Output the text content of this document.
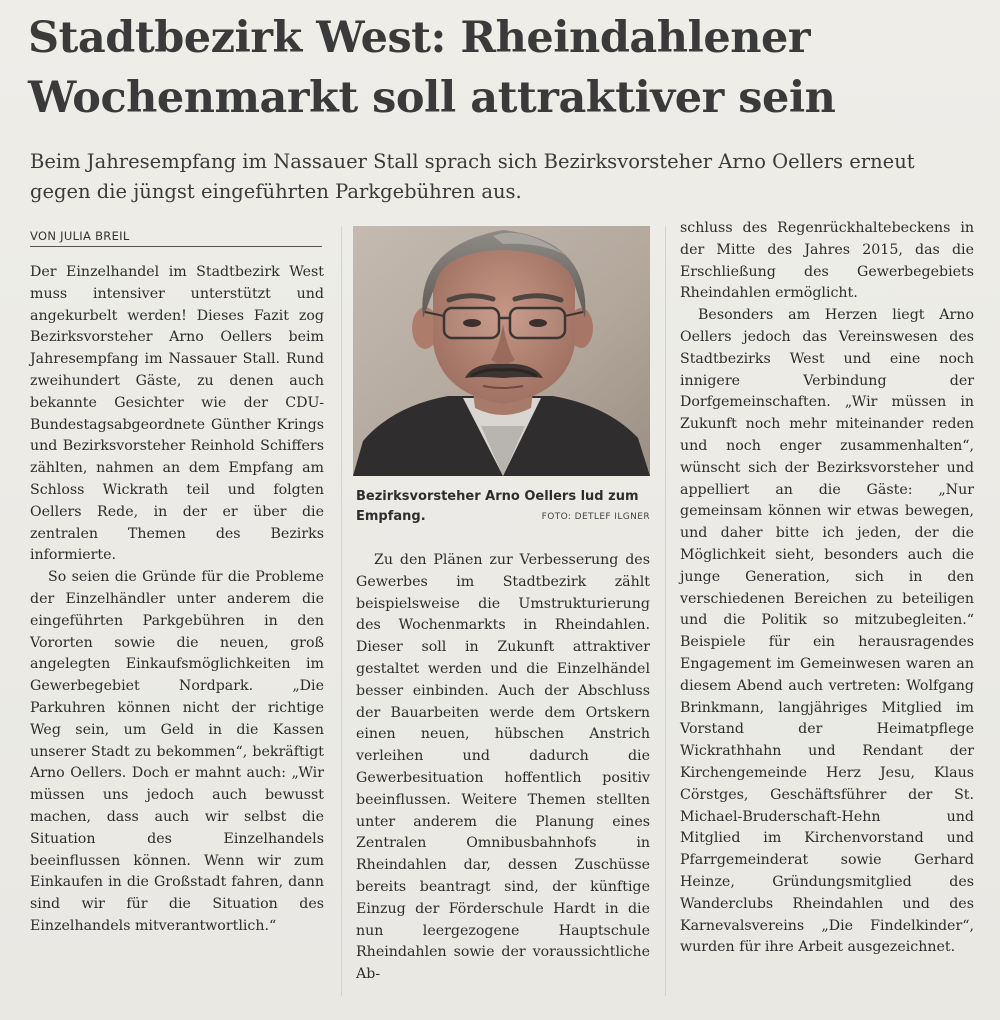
Stadtbezirk West: Rheindahlener Wochenmarkt soll attraktiver sein

Beim Jahresempfang im Nassauer Stall sprach sich Bezirksvorsteher Arno Oellers erneut gegen die jüngst eingeführten Parkgebühren aus.

VON JULIA BREIL

Der Einzelhandel im Stadtbezirk West muss intensiver unterstützt und angekurbelt werden! Dieses Fazit zog Bezirksvorsteher Arno Oellers beim Jahresempfang im Nassauer Stall. Rund zweihundert Gäste, zu denen auch bekannte Gesichter wie der CDU-Bundestagsabgeordnete Günther Krings und Bezirksvorsteher Reinhold Schiffers zählten, nahmen an dem Empfang am Schloss Wickrath teil und folgten Oellers Rede, in der er über die zentralen Themen des Bezirks informierte.

So seien die Gründe für die Probleme der Einzelhändler unter anderem die eingeführten Parkgebühren in den Vororten sowie die neuen, groß angelegten Einkaufsmöglichkeiten im Gewerbegebiet Nordpark. „Die Parkuhren können nicht der richtige Weg sein, um Geld in die Kassen unserer Stadt zu bekommen“, bekräftigt Arno Oellers. Doch er mahnt auch: „Wir müssen uns jedoch auch bewusst machen, dass auch wir selbst die Situation des Einzelhandels beeinflussen können. Wenn wir zum Einkaufen in die Großstadt fahren, dann sind wir für die Situation des Einzelhandels mitverantwortlich.“

Bezirksvorsteher Arno Oellers lud zum Empfang.	FOTO: DETLEF ILGNER

Zu den Plänen zur Verbesserung des Gewerbes im Stadtbezirk zählt beispielsweise die Umstrukturierung des Wochenmarkts in Rheindahlen. Dieser soll in Zukunft attraktiver gestaltet werden und die Einzelhändel besser einbinden. Auch der Abschluss der Bauarbeiten werde dem Ortskern einen neuen, hübschen Anstrich verleihen und dadurch die Gewerbesituation hoffentlich positiv beeinflussen. Weitere Themen stellten unter anderem die Planung eines Zentralen Omnibusbahnhofs in Rheindahlen dar, dessen Zuschüsse bereits beantragt sind, der künftige Einzug der Förderschule Hardt in die nun leergezogene Hauptschule Rheindahlen sowie der voraussichtliche Ab-

schluss des Regenrückhaltebeckens in der Mitte des Jahres 2015, das die Erschließung des Gewerbegebiets Rheindahlen ermöglicht.

Besonders am Herzen liegt Arno Oellers jedoch das Vereinswesen des Stadtbezirks West und eine noch innigere Verbindung der Dorfgemeinschaften. „Wir müssen in Zukunft noch mehr miteinander reden und noch enger zusammenhalten“, wünscht sich der Bezirksvorsteher und appelliert an die Gäste: „Nur gemeinsam können wir etwas bewegen, und daher bitte ich jeden, der die Möglichkeit sieht, besonders auch die junge Generation, sich in den verschiedenen Bereichen zu beteiligen und die Politik so mitzubegleiten.“ Beispiele für ein herausragendes Engagement im Gemeinwesen waren an diesem Abend auch vertreten: Wolfgang Brinkmann, langjähriges Mitglied im Vorstand der Heimatpflege Wickrathhahn und Rendant der Kirchengemeinde Herz Jesu, Klaus Cörstges, Geschäftsführer der St. Michael-Bruderschaft-Hehn und Mitglied im Kirchenvorstand und Pfarrgemeinderat sowie Gerhard Heinze, Gründungsmitglied des Wanderclubs Rheindahlen und des Karnevalsvereins „Die Findelkinder“, wurden für ihre Arbeit ausgezeichnet.
